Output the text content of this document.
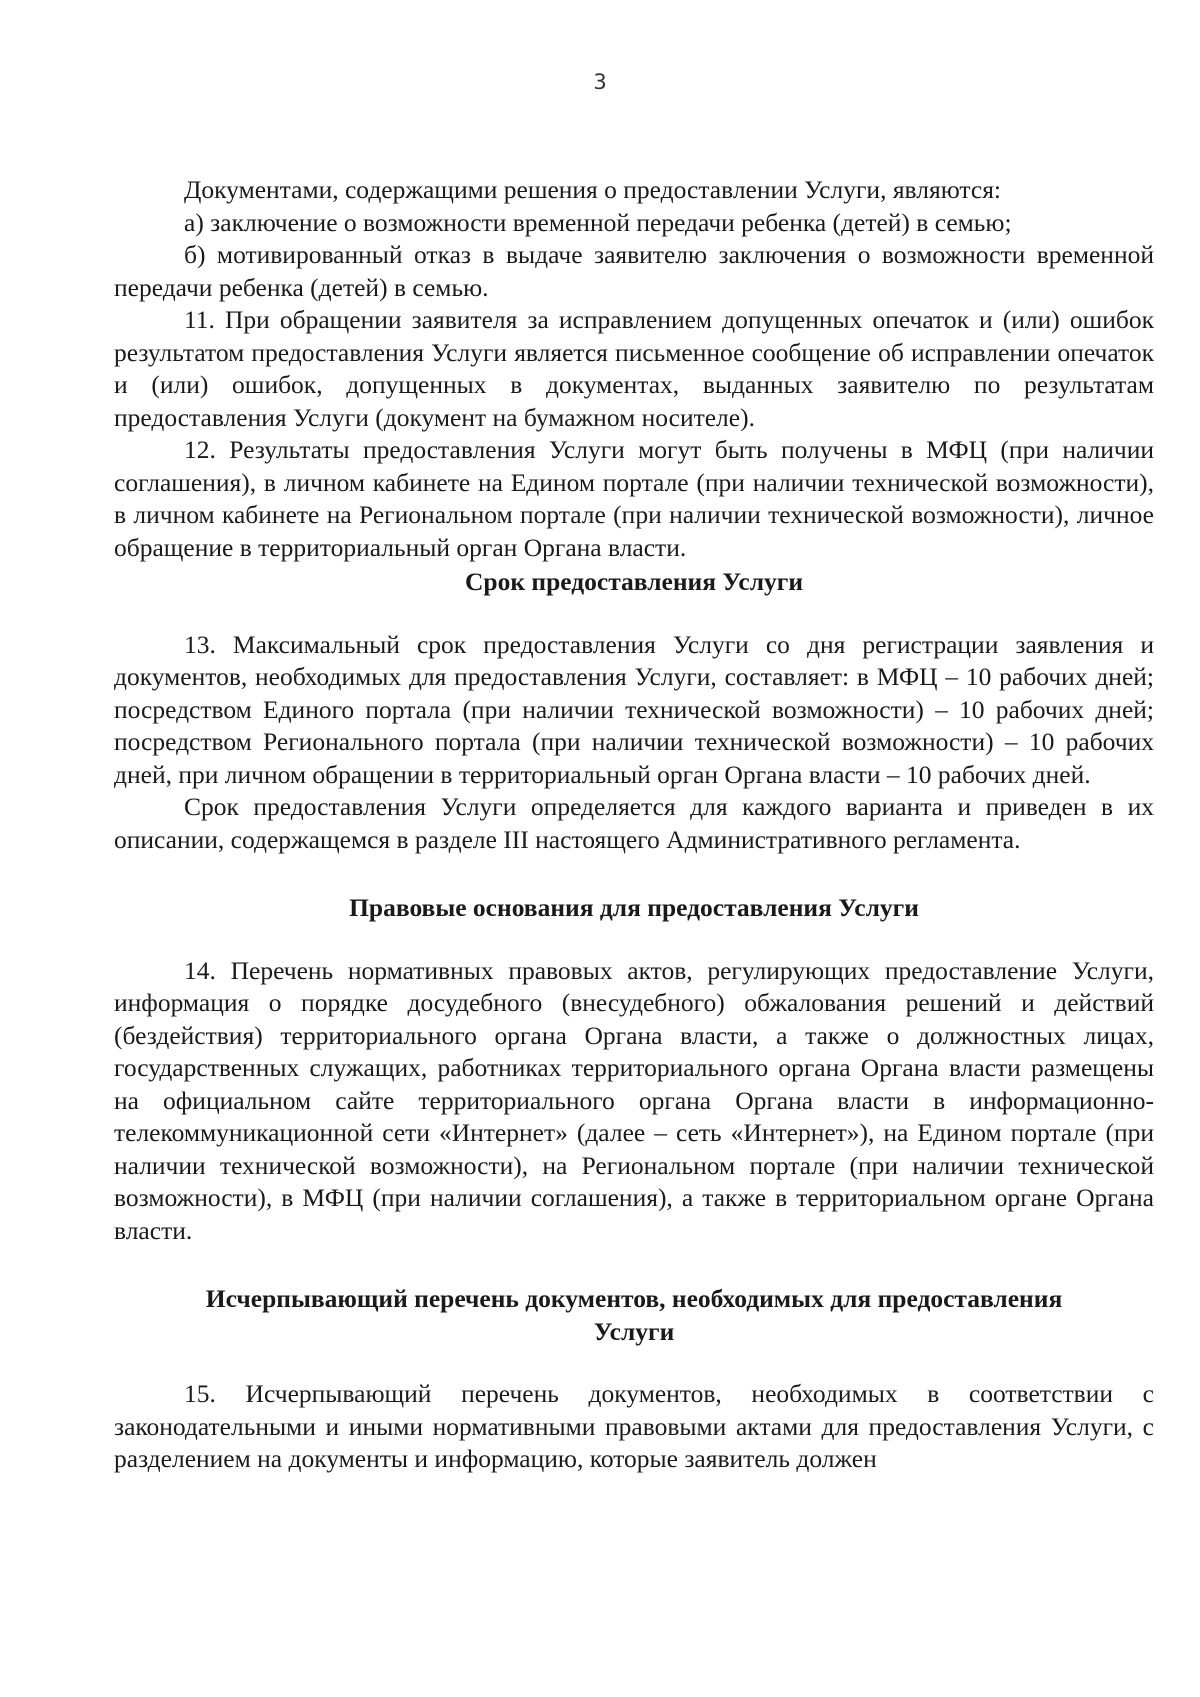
3

Документами, содержащими решения о предоставлении Услуги, являются:

а) заключение о возможности временной передачи ребенка (детей) в семью;

б) мотивированный отказ в выдаче заявителю заключения о возможности временной передачи ребенка (детей) в семью.

11. При обращении заявителя за исправлением допущенных опечаток и (или) ошибок результатом предоставления Услуги является письменное сообщение об исправлении опечаток и (или) ошибок, допущенных в документах, выданных заявителю по результатам предоставления Услуги (документ на бумажном носителе).

12. Результаты предоставления Услуги могут быть получены в МФЦ (при наличии соглашения), в личном кабинете на Едином портале (при наличии технической возможности), в личном кабинете на Региональном портале (при наличии технической возможности), личное обращение в территориальный орган Органа власти.

Срок предоставления Услуги

13. Максимальный срок предоставления Услуги со дня регистрации заявления и документов, необходимых для предоставления Услуги, составляет: в МФЦ – 10 рабочих дней; посредством Единого портала (при наличии технической возможности) – 10 рабочих дней; посредством Регионального портала (при наличии технической возможности) – 10 рабочих дней, при личном обращении в территориальный орган Органа власти – 10 рабочих дней.

Срок предоставления Услуги определяется для каждого варианта и приведен в их описании, содержащемся в разделе III настоящего Административного регламента.

Правовые основания для предоставления Услуги

14. Перечень нормативных правовых актов, регулирующих предоставление Услуги, информация о порядке досудебного (внесудебного) обжалования решений и действий (бездействия) территориального органа Органа власти, а также о должностных лицах, государственных служащих, работниках территориального органа Органа власти размещены на официальном сайте территориального органа Органа власти в информационно-телекоммуникационной сети «Интернет» (далее – сеть «Интернет»), на Едином портале (при наличии технической возможности), на Региональном портале (при наличии технической возможности), в МФЦ (при наличии соглашения), а также в территориальном органе Органа власти.

Исчерпывающий перечень документов, необходимых для предоставления
Услуги

15. Исчерпывающий перечень документов, необходимых в соответствии с законодательными и иными нормативными правовыми актами для предоставления Услуги, с разделением на документы и информацию, которые заявитель должен
